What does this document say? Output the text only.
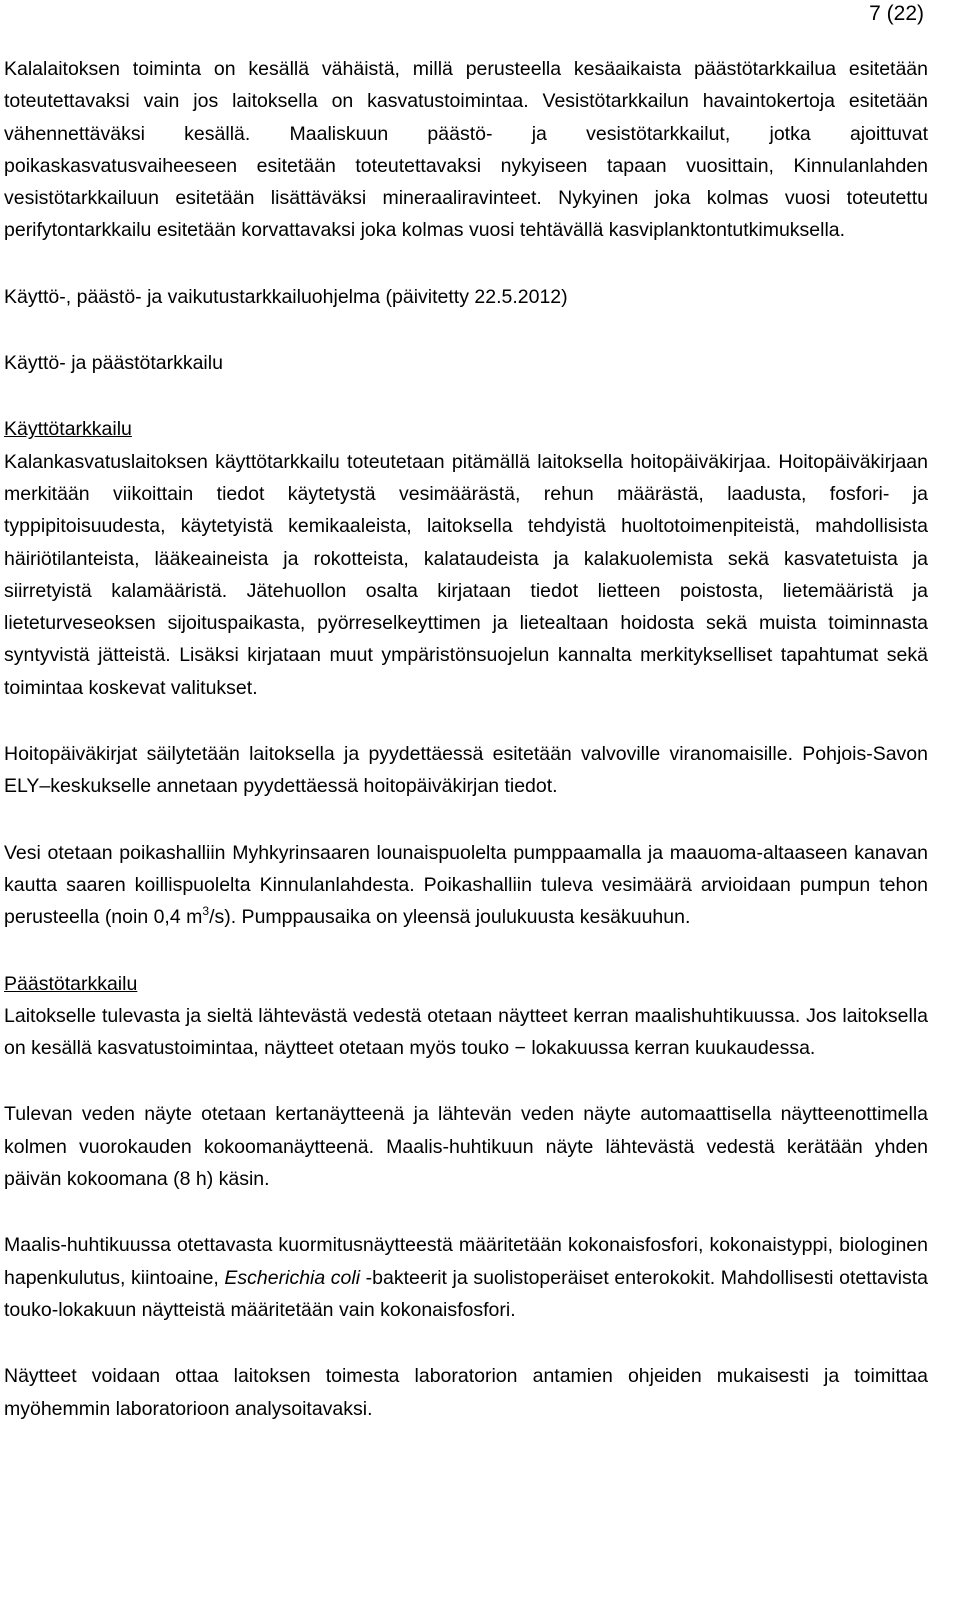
7 (22)

Kalalaitoksen toiminta on kesällä vähäistä, millä perusteella kesäaikaista päästötarkkailua esitetään toteutettavaksi vain jos laitoksella on kasvatustoimintaa. Vesistötarkkailun havaintokertoja esitetään vähennettäväksi kesällä. Maaliskuun päästö- ja vesistötarkkailut, jotka ajoittuvat poikaskasvatusvaiheeseen esitetään toteutettavaksi nykyiseen tapaan vuosittain, Kinnulanlahden vesistötarkkailuun esitetään lisättäväksi mineraaliravinteet. Nykyinen joka kolmas vuosi toteutettu perifytontarkkailu esitetään korvattavaksi joka kolmas vuosi tehtävällä kasviplanktontutkimuksella.

Käyttö-, päästö- ja vaikutustarkkailuohjelma (päivitetty 22.5.2012)

Käyttö- ja päästötarkkailu

Käyttötarkkailu

Kalankasvatuslaitoksen käyttötarkkailu toteutetaan pitämällä laitoksella hoitopäiväkirjaa. Hoitopäiväkirjaan merkitään viikoittain tiedot käytetystä vesimäärästä, rehun määrästä, laadusta, fosfori- ja typpipitoisuudesta, käytetyistä kemikaaleista, laitoksella tehdyistä huoltotoimenpiteistä, mahdollisista häiriötilanteista, lääkeaineista ja rokotteista, kalataudeista ja kalakuolemista sekä kasvatetuista ja siirretyistä kalamääristä. Jätehuollon osalta kirjataan tiedot lietteen poistosta, lietemääristä ja lieteturveseoksen sijoituspaikasta, pyörreselkeyttimen ja lietealtaan hoidosta sekä muista toiminnasta syntyvistä jätteistä. Lisäksi kirjataan muut ympäristönsuojelun kannalta merkitykselliset tapahtumat sekä toimintaa koskevat valitukset.

Hoitopäiväkirjat säilytetään laitoksella ja pyydettäessä esitetään valvoville viranomaisille. Pohjois-Savon ELY–keskukselle annetaan pyydettäessä hoitopäiväkirjan tiedot.

Vesi otetaan poikashalliin Myhkyrinsaaren lounaispuolelta pumppaamalla ja maauoma-altaaseen kanavan kautta saaren koillispuolelta Kinnulanlahdesta. Poikashalliin tuleva vesimäärä arvioidaan pumpun tehon perusteella (noin 0,4 $m^3/s$). Pumppausaika on yleensä joulukuusta kesäkuuhun.

Päästötarkkailu

Laitokselle tulevasta ja sieltä lähtevästä vedestä otetaan näytteet kerran maalishuhtikuussa. Jos laitoksella on kesällä kasvatustoimintaa, näytteet otetaan myös touko − lokakuussa kerran kuukaudessa.

Tulevan veden näyte otetaan kertanäytteenä ja lähtevän veden näyte automaattisella näytteenottimella kolmen vuorokauden kokoomanäytteenä. Maalis-huhtikuun näyte lähtevästä vedestä kerätään yhden päivän kokoomana (8 h) käsin.

Maalis-huhtikuussa otettavasta kuormitusnäytteestä määritetään kokonaisfosfori, kokonaistyppi, biologinen hapenkulutus, kiintoaine, Escherichia coli -bakteerit ja suolistoperäiset enterokokit. Mahdollisesti otettavista touko-lokakuun näytteistä määritetään vain kokonaisfosfori.

Näytteet voidaan ottaa laitoksen toimesta laboratorion antamien ohjeiden mukaisesti ja toimittaa myöhemmin laboratorioon analysoitavaksi.
